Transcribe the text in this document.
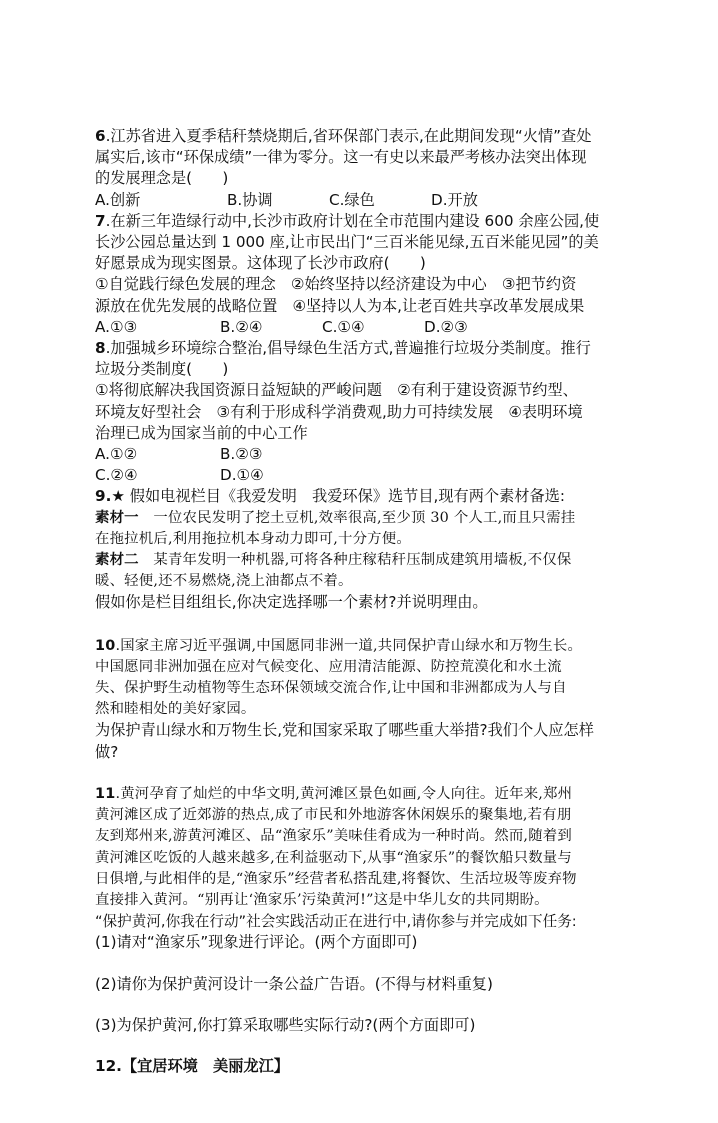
6.江苏省进入夏季秸秆禁烧期后,省环保部门表示,在此期间发现“火情”查处
属实后,该市“环保成绩”一律为零分。这一有史以来最严考核办法突出体现
的发展理念是(　　)
A.创新	B.协调	C.绿色	D.开放
7.在新三年造绿行动中,长沙市政府计划在全市范围内建设 600 余座公园,使
长沙公园总量达到 1 000 座,让市民出门“三百米能见绿,五百米能见园”的美
好愿景成为现实图景。这体现了长沙市政府(　　)
①自觉践行绿色发展的理念　②始终坚持以经济建设为中心　③把节约资
源放在优先发展的战略位置　④坚持以人为本,让老百姓共享改革发展成果
A.①③	B.②④	C.①④	D.②③
8.加强城乡环境综合整治,倡导绿色生活方式,普遍推行垃圾分类制度。推行
垃圾分类制度(　　)
①将彻底解决我国资源日益短缺的严峻问题　②有利于建设资源节约型、
环境友好型社会　③有利于形成科学消费观,助力可持续发展　④表明环境
治理已成为国家当前的中心工作
A.①②	B.②③
C.②④	D.①④
9.★ 假如电视栏目《我爱发明　我爱环保》选节目,现有两个素材备选:
素材一　一位农民发明了挖土豆机,效率很高,至少顶 30 个人工,而且只需挂
在拖拉机后,利用拖拉机本身动力即可,十分方便。
素材二　某青年发明一种机器,可将各种庄稼秸秆压制成建筑用墙板,不仅保
暖、轻便,还不易燃烧,浇上油都点不着。
假如你是栏目组组长,你决定选择哪一个素材?并说明理由。
10.国家主席习近平强调,中国愿同非洲一道,共同保护青山绿水和万物生长。
中国愿同非洲加强在应对气候变化、应用清洁能源、防控荒漠化和水土流
失、保护野生动植物等生态环保领域交流合作,让中国和非洲都成为人与自
然和睦相处的美好家园。
为保护青山绿水和万物生长,党和国家采取了哪些重大举措?我们个人应怎样
做?
11.黄河孕育了灿烂的中华文明,黄河滩区景色如画,令人向往。近年来,郑州
黄河滩区成了近郊游的热点,成了市民和外地游客休闲娱乐的聚集地,若有朋
友到郑州来,游黄河滩区、品“渔家乐”美味佳肴成为一种时尚。然而,随着到
黄河滩区吃饭的人越来越多,在利益驱动下,从事“渔家乐”的餐饮船只数量与
日俱增,与此相伴的是,“渔家乐”经营者私搭乱建,将餐饮、生活垃圾等废弃物
直接排入黄河。“别再让‘渔家乐’污染黄河!”这是中华儿女的共同期盼。
“保护黄河,你我在行动”社会实践活动正在进行中,请你参与并完成如下任务:
(1)请对“渔家乐”现象进行评论。(两个方面即可)
(2)请你为保护黄河设计一条公益广告语。(不得与材料重复)
(3)为保护黄河,你打算采取哪些实际行动?(两个方面即可)
12.【宜居环境　美丽龙江】
